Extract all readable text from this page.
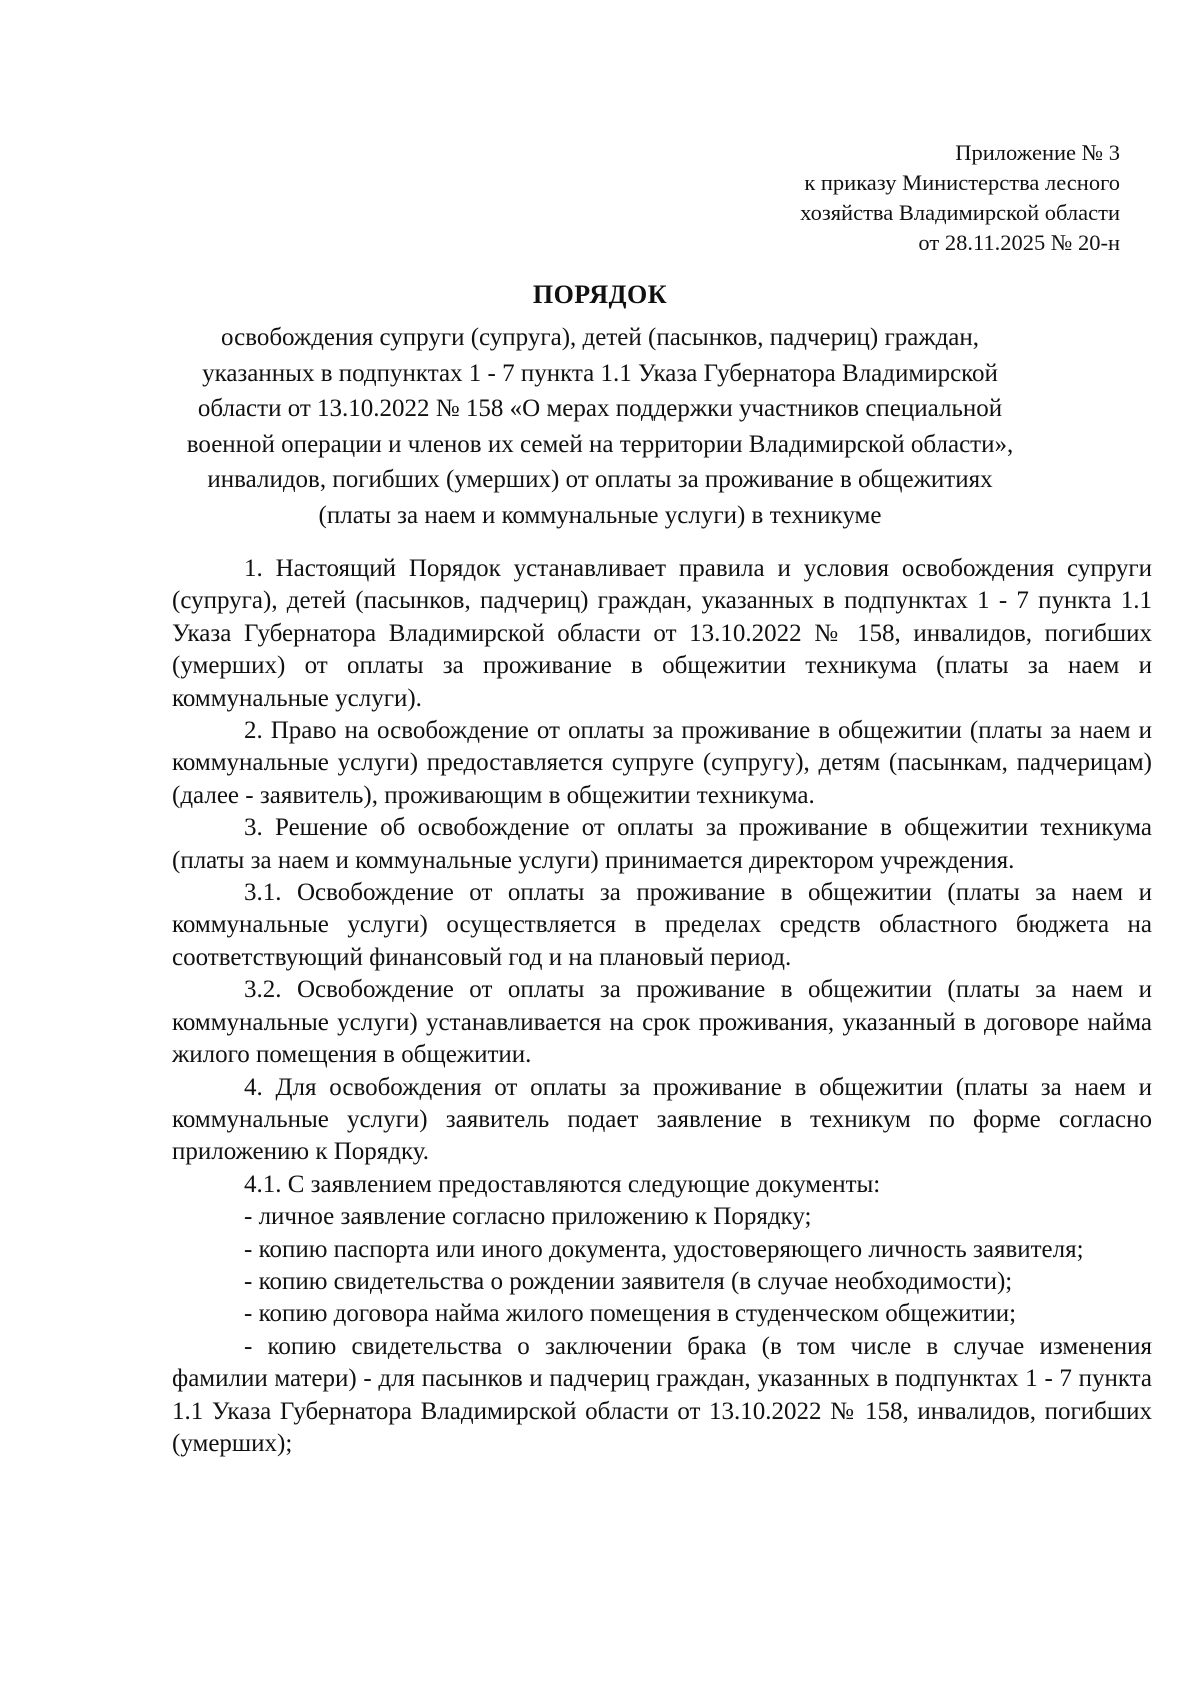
Приложение № 3
к приказу Министерства лесного
хозяйства Владимирской области
от 28.11.2025 № 20-н
ПОРЯДОК
освобождения супруги (супруга), детей (пасынков, падчериц) граждан,
указанных в подпунктах 1 - 7 пункта 1.1 Указа Губернатора Владимирской
области от 13.10.2022 № 158 «О мерах поддержки участников специальной
военной операции и членов их семей на территории Владимирской области»,
инвалидов, погибших (умерших) от оплаты за проживание в общежитиях
(платы за наем и коммунальные услуги) в техникуме

1. Настоящий Порядок устанавливает правила и условия освобождения супруги (супруга), детей (пасынков, падчериц) граждан, указанных в подпунктах 1 - 7 пункта 1.1 Указа Губернатора Владимирской области от 13.10.2022 № 158, инвалидов, погибших (умерших) от оплаты за проживание в общежитии техникума (платы за наем и коммунальные услуги).

2. Право на освобождение от оплаты за проживание в общежитии (платы за наем и коммунальные услуги) предоставляется супруге (супругу), детям (пасынкам, падчерицам) (далее - заявитель), проживающим в общежитии техникума.

3. Решение об освобождение от оплаты за проживание в общежитии техникума (платы за наем и коммунальные услуги) принимается директором учреждения.

3.1. Освобождение от оплаты за проживание в общежитии (платы за наем и коммунальные услуги) осуществляется в пределах средств областного бюджета на соответствующий финансовый год и на плановый период.

3.2. Освобождение от оплаты за проживание в общежитии (платы за наем и коммунальные услуги) устанавливается на срок проживания, указанный в договоре найма жилого помещения в общежитии.

4. Для освобождения от оплаты за проживание в общежитии (платы за наем и коммунальные услуги) заявитель подает заявление в техникум по форме согласно приложению к Порядку.

4.1. С заявлением предоставляются следующие документы:

- личное заявление согласно приложению к Порядку;

- копию паспорта или иного документа, удостоверяющего личность заявителя;

- копию свидетельства о рождении заявителя (в случае необходимости);

- копию договора найма жилого помещения в студенческом общежитии;

- копию свидетельства о заключении брака (в том числе в случае изменения фамилии матери) - для пасынков и падчериц граждан, указанных в подпунктах 1 - 7 пункта 1.1 Указа Губернатора Владимирской области от 13.10.2022 № 158, инвалидов, погибших (умерших);
